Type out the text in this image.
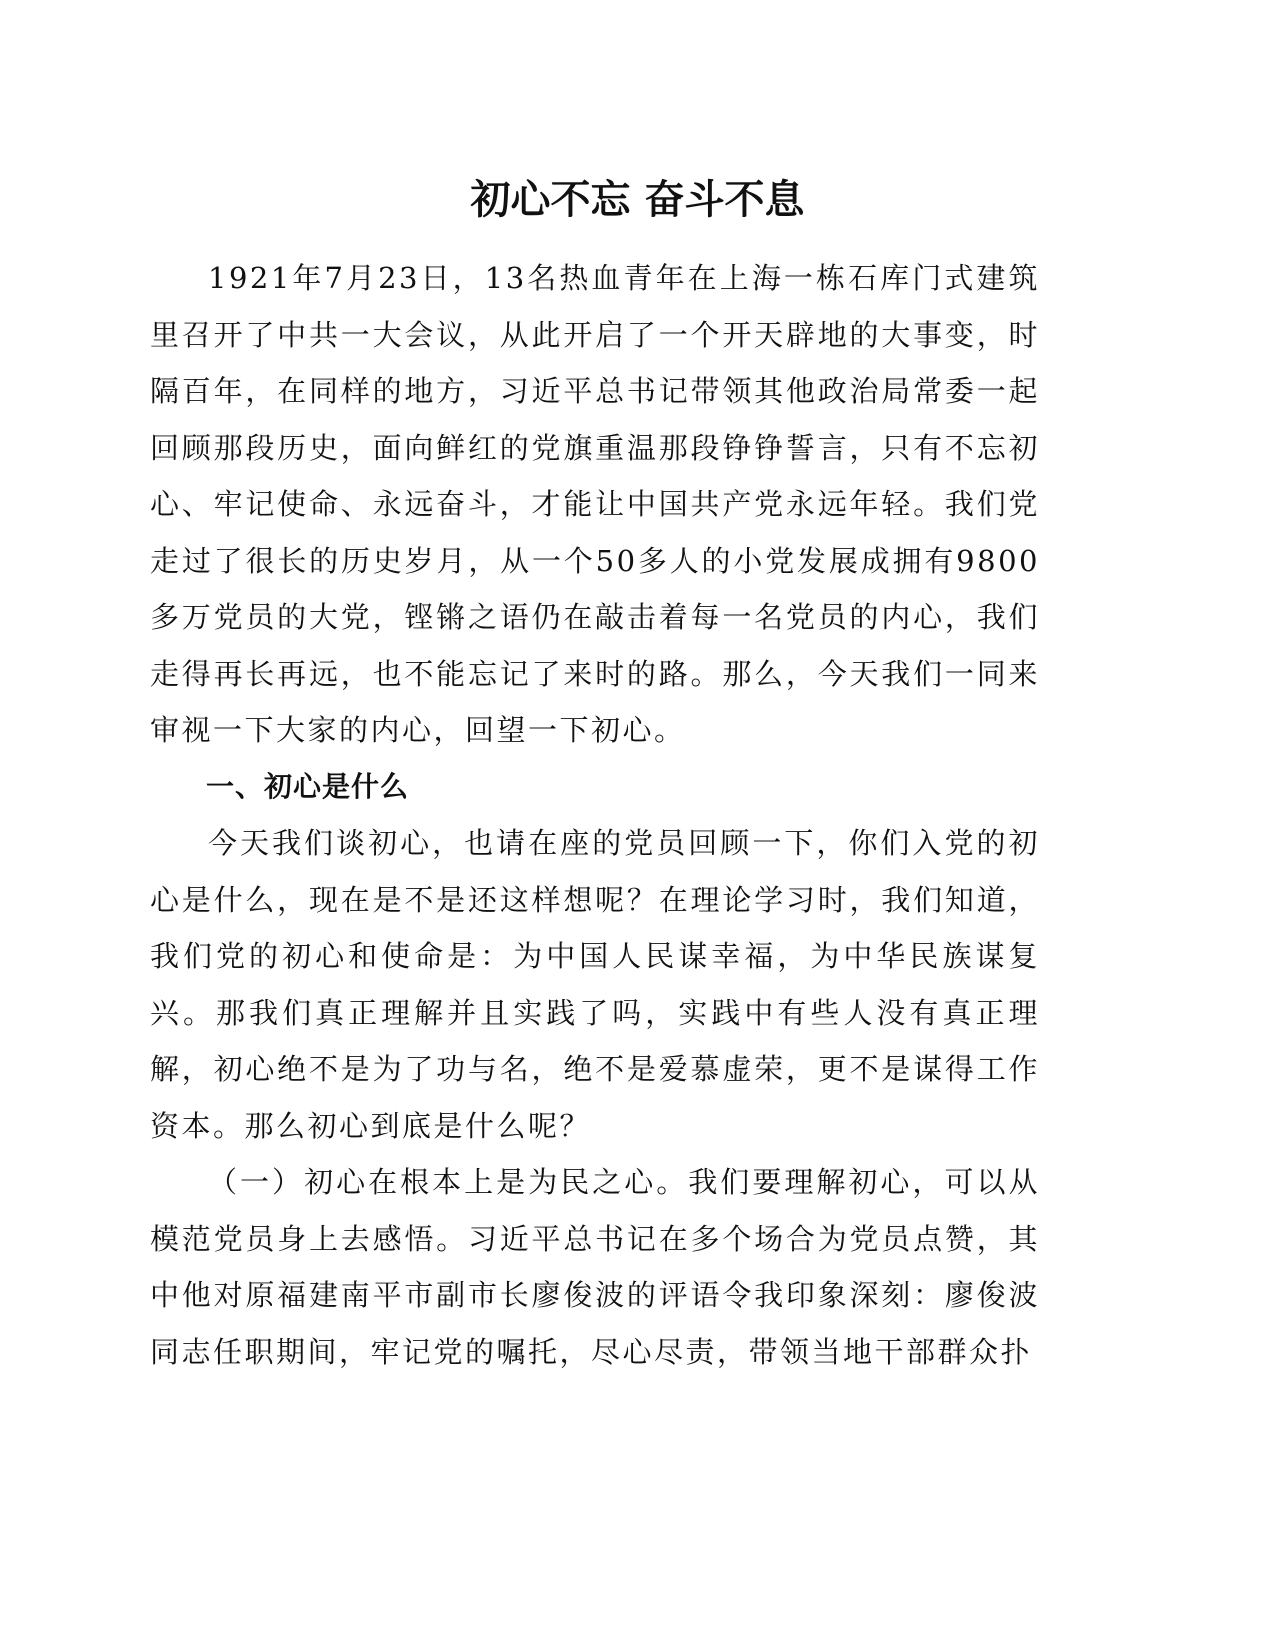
初心不忘 奋斗不息

1921年7月23日，13名热血青年在上海一栋石库门式建筑里召开了中共一大会议，从此开启了一个开天辟地的大事变，时隔百年，在同样的地方，习近平总书记带领其他政治局常委一起回顾那段历史，面向鲜红的党旗重温那段铮铮誓言，只有不忘初心、牢记使命、永远奋斗，才能让中国共产党永远年轻。我们党走过了很长的历史岁月，从一个50多人的小党发展成拥有9800多万党员的大党，铿锵之语仍在敲击着每一名党员的内心，我们走得再长再远，也不能忘记了来时的路。那么，今天我们一同来审视一下大家的内心，回望一下初心。

一、初心是什么

今天我们谈初心，也请在座的党员回顾一下，你们入党的初心是什么，现在是不是还这样想呢？在理论学习时，我们知道，我们党的初心和使命是：为中国人民谋幸福，为中华民族谋复兴。那我们真正理解并且实践了吗，实践中有些人没有真正理解，初心绝不是为了功与名，绝不是爱慕虚荣，更不是谋得工作资本。那么初心到底是什么呢？

（一）初心在根本上是为民之心。我们要理解初心，可以从模范党员身上去感悟。习近平总书记在多个场合为党员点赞，其中他对原福建南平市副市长廖俊波的评语令我印象深刻：廖俊波同志任职期间，牢记党的嘱托，尽心尽责，带领当地干部群众扑
